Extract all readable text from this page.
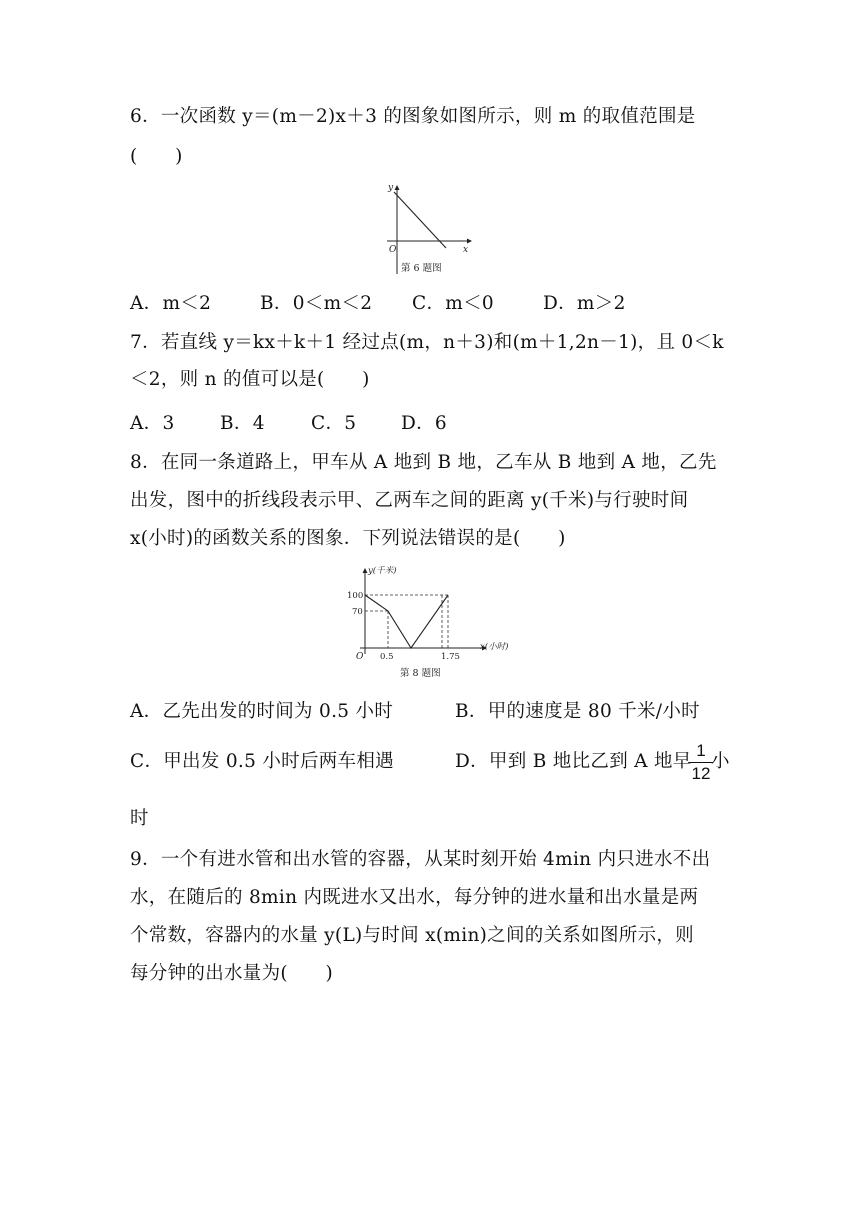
6．一次函数 y＝(m－2)x＋3 的图象如图所示，则 m 的取值范围是
(　　)
y
x
O
第 6 题图
A．m＜2	B．0＜m＜2 C．m＜0	D．m＞2
7．若直线 y＝kx＋k＋1 经过点(m，n＋3)和(m＋1,2n－1)，且 0＜k
＜2，则 n 的值可以是(　　)
A．3 B．4 C．5 D．6
8．在同一条道路上，甲车从 A 地到 B 地，乙车从 B 地到 A 地，乙先
出发，图中的折线段表示甲、乙两车之间的距离 y(千米)与行驶时间
x(小时)的函数关系的图象．下列说法错误的是(　　)
y(千米)
x(小时)
100
70
0.5	1.75
O
第 8 题图
A．乙先出发的时间为 0.5 小时	B．甲的速度是 80 千米/小时
C．甲出发 0.5 小时后两车相遇	D．甲到 B 地比乙到 A 地早
1
12
小
时
9．一个有进水管和出水管的容器，从某时刻开始 4min 内只进水不出
水，在随后的 8min 内既进水又出水，每分钟的进水量和出水量是两
个常数，容器内的水量 y(L)与时间 x(min)之间的关系如图所示，则
每分钟的出水量为(　　)
